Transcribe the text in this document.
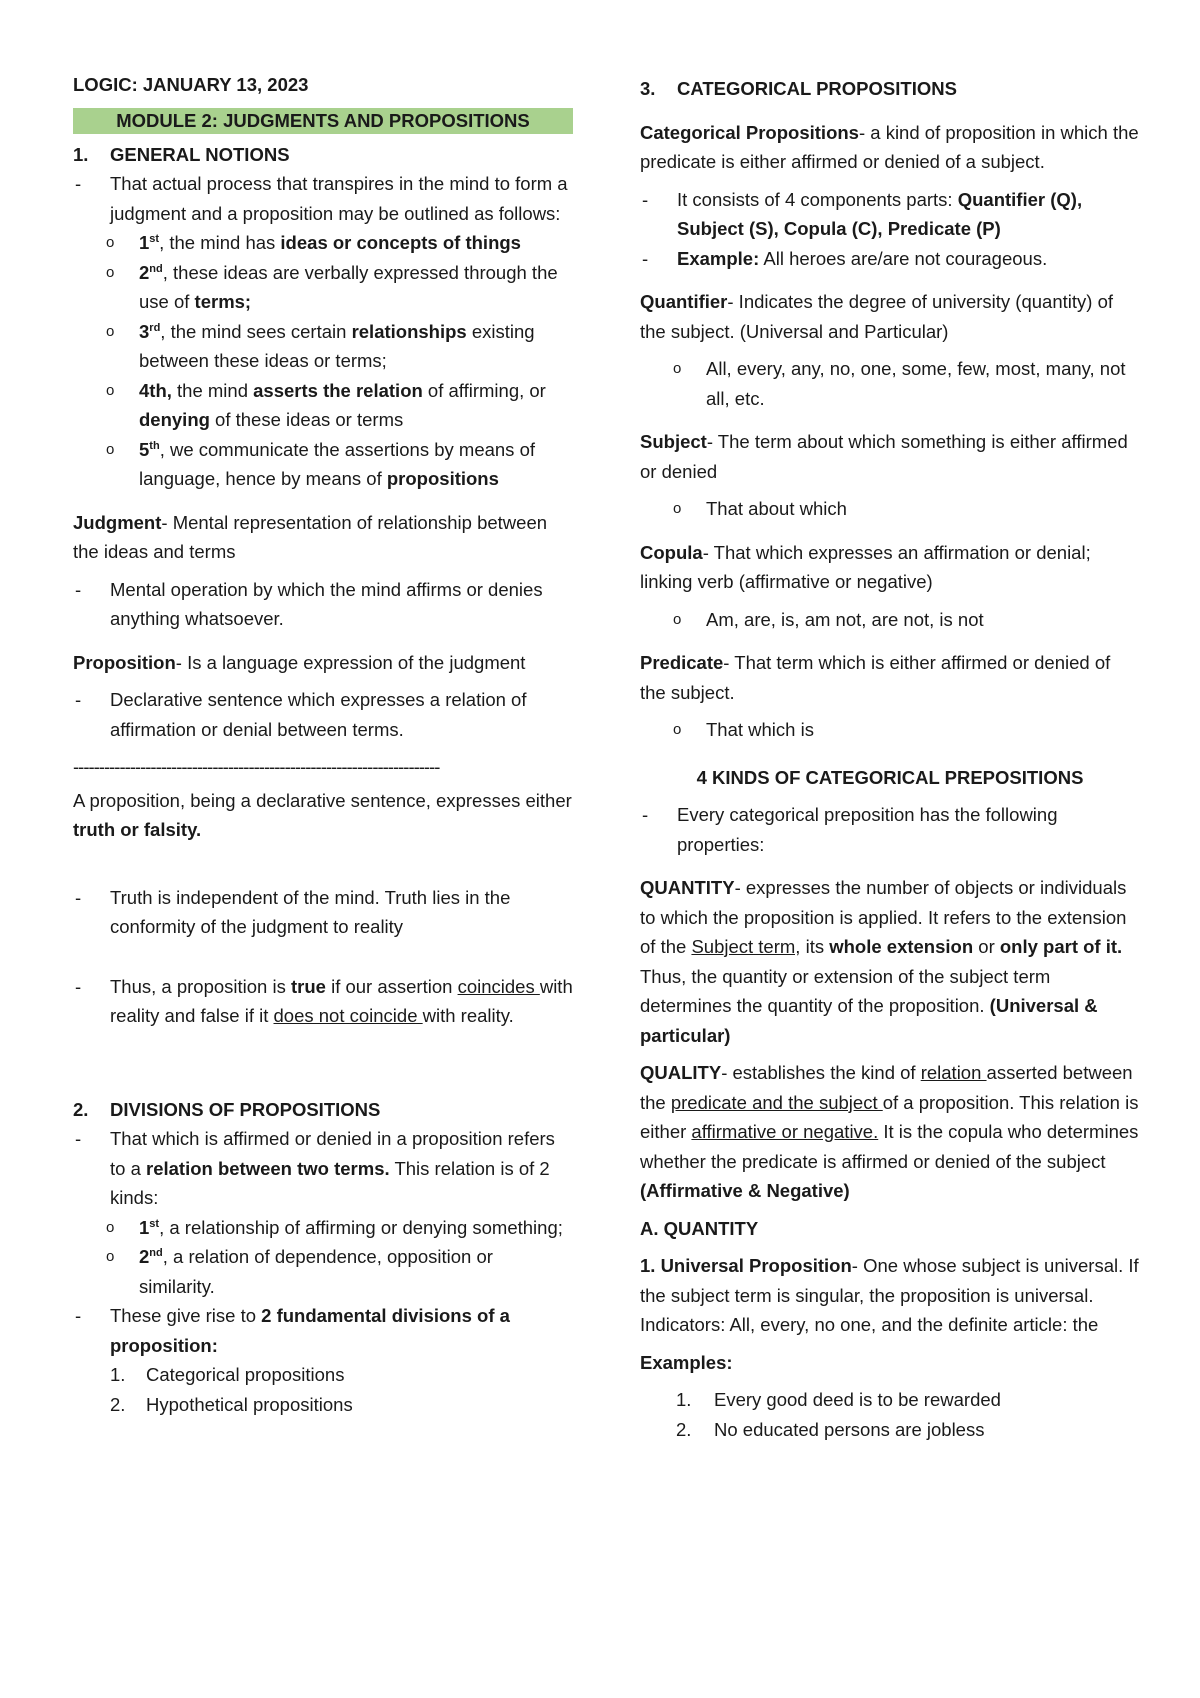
LOGIC: JANUARY 13, 2023
MODULE 2: JUDGMENTS AND PROPOSITIONS
1. GENERAL NOTIONS
- That actual process that transpires in the mind to form a judgment and a proposition may be outlined as follows:
o 1st, the mind has ideas or concepts of things
o 2nd, these ideas are verbally expressed through the use of terms;
o 3rd, the mind sees certain relationships existing between these ideas or terms;
o 4th, the mind asserts the relation of affirming, or denying of these ideas or terms
o 5th, we communicate the assertions by means of language, hence by means of propositions
Judgment- Mental representation of relationship between the ideas and terms
- Mental operation by which the mind affirms or denies anything whatsoever.
Proposition- Is a language expression of the judgment
- Declarative sentence which expresses a relation of affirmation or denial between terms.
-----------------------------------------------------------------------
A proposition, being a declarative sentence, expresses either truth or falsity.
- Truth is independent of the mind. Truth lies in the conformity of the judgment to reality
- Thus, a proposition is true if our assertion coincides with reality and false if it does not coincide with reality.
2. DIVISIONS OF PROPOSITIONS
- That which is affirmed or denied in a proposition refers to a relation between two terms. This relation is of 2 kinds:
o 1st, a relationship of affirming or denying something;
o 2nd, a relation of dependence, opposition or similarity.
- These give rise to 2 fundamental divisions of a proposition:
1. Categorical propositions
2. Hypothetical propositions
3. CATEGORICAL PROPOSITIONS
Categorical Propositions- a kind of proposition in which the predicate is either affirmed or denied of a subject.
- It consists of 4 components parts: Quantifier (Q), Subject (S), Copula (C), Predicate (P)
- Example: All heroes are/are not courageous.
Quantifier- Indicates the degree of university (quantity) of the subject. (Universal and Particular)
o All, every, any, no, one, some, few, most, many, not all, etc.
Subject- The term about which something is either affirmed or denied
o That about which
Copula- That which expresses an affirmation or denial; linking verb (affirmative or negative)
o Am, are, is, am not, are not, is not
Predicate- That term which is either affirmed or denied of the subject.
o That which is
4 KINDS OF CATEGORICAL PREPOSITIONS
- Every categorical preposition has the following properties:
QUANTITY- expresses the number of objects or individuals to which the proposition is applied. It refers to the extension of the Subject term, its whole extension or only part of it. Thus, the quantity or extension of the subject term determines the quantity of the proposition. (Universal & particular)
QUALITY- establishes the kind of relation asserted between the predicate and the subject of a proposition. This relation is either affirmative or negative. It is the copula who determines whether the predicate is affirmed or denied of the subject (Affirmative & Negative)
A. QUANTITY
1. Universal Proposition- One whose subject is universal. If the subject term is singular, the proposition is universal. Indicators: All, every, no one, and the definite article: the
Examples:
1. Every good deed is to be rewarded
2. No educated persons are jobless
